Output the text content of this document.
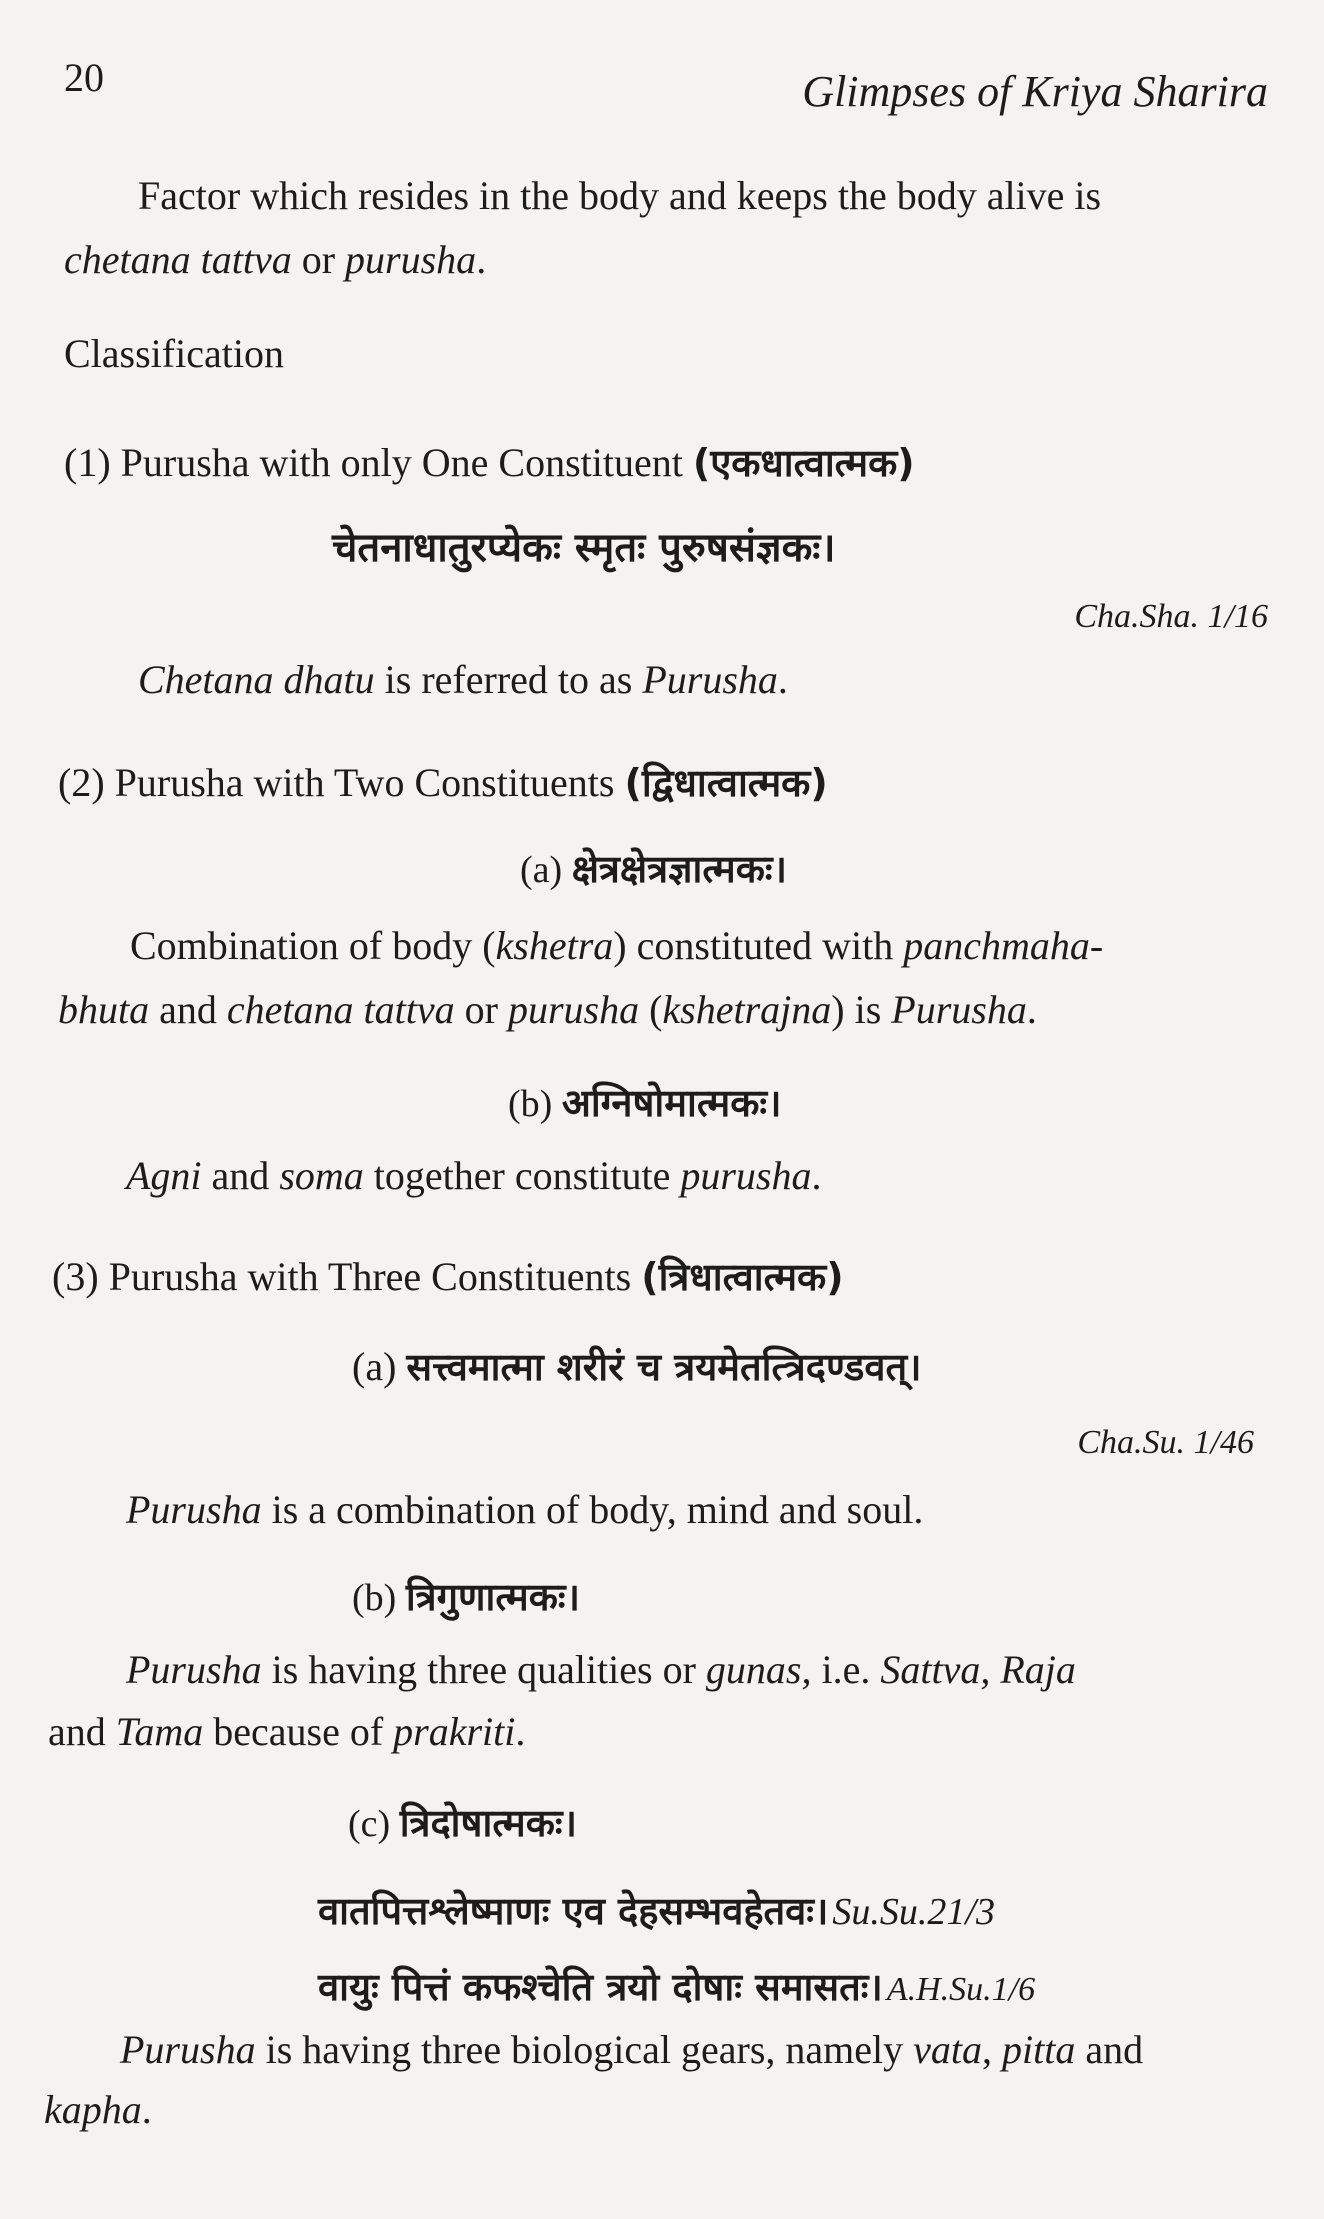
20	Glimpses of Kriya Sharira
Factor which resides in the body and keeps the body alive is
chetana tattva or purusha.
Classification
(1) Purusha with only One Constituent (एकधात्वात्मक)
चेतनाधातुरप्येकः स्मृतः पुरुषसंज्ञकः।
Cha.Sha. 1/16
Chetana dhatu is referred to as Purusha.
(2) Purusha with Two Constituents (द्विधात्वात्मक)
(a) क्षेत्रक्षेत्रज्ञात्मकः।
Combination of body (kshetra) constituted with panchmaha-
bhuta and chetana tattva or purusha (kshetrajna) is Purusha.
(b) अग्निषोमात्मकः।
Agni and soma together constitute purusha.
(3) Purusha with Three Constituents (त्रिधात्वात्मक)
(a) सत्त्वमात्मा शरीरं च त्रयमेतत्त्रिदण्डवत्।
Cha.Su. 1/46
Purusha is a combination of body, mind and soul.
(b) त्रिगुणात्मकः।
Purusha is having three qualities or gunas, i.e. Sattva, Raja
and Tama because of prakriti.
(c) त्रिदोषात्मकः।
वातपित्तश्लेष्माणः एव देहसम्भवहेतवः। Su.Su.21/3
वायुः पित्तं कफश्चेति त्रयो दोषाः समासतः। A.H.Su.1/6
Purusha is having three biological gears, namely vata, pitta and
kapha.
